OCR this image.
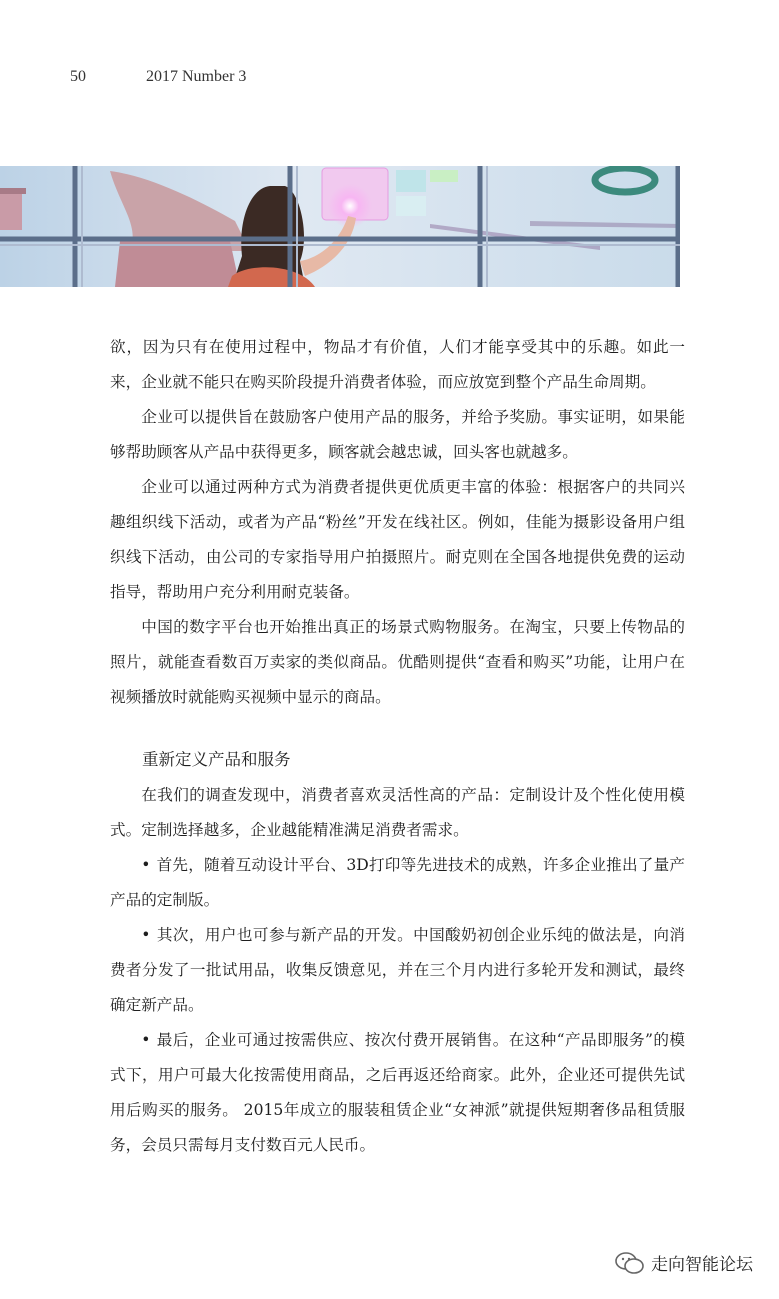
50	2017 Number 3

欲，因为只有在使用过程中，物品才有价值，人们才能享受其中的乐趣。如此一来，企业就不能只在购买阶段提升消费者体验，而应放宽到整个产品生命周期。

企业可以提供旨在鼓励客户使用产品的服务，并给予奖励。事实证明，如果能够帮助顾客从产品中获得更多，顾客就会越忠诚，回头客也就越多。

企业可以通过两种方式为消费者提供更优质更丰富的体验：根据客户的共同兴趣组织线下活动，或者为产品“粉丝”开发在线社区。例如，佳能为摄影设备用户组织线下活动，由公司的专家指导用户拍摄照片。耐克则在全国各地提供免费的运动指导，帮助用户充分利用耐克装备。

中国的数字平台也开始推出真正的场景式购物服务。在淘宝，只要上传物品的照片，就能查看数百万卖家的类似商品。优酷则提供“查看和购买”功能，让用户在视频播放时就能购买视频中显示的商品。

重新定义产品和服务

在我们的调查发现中，消费者喜欢灵活性高的产品：定制设计及个性化使用模式。定制选择越多，企业越能精准满足消费者需求。

• 首先，随着互动设计平台、3D打印等先进技术的成熟，许多企业推出了量产产品的定制版。

• 其次，用户也可参与新产品的开发。中国酸奶初创企业乐纯的做法是，向消费者分发了一批试用品，收集反馈意见，并在三个月内进行多轮开发和测试，最终确定新产品。

• 最后，企业可通过按需供应、按次付费开展销售。在这种“产品即服务”的模式下，用户可最大化按需使用商品，之后再返还给商家。此外，企业还可提供先试用后购买的服务。 2015年成立的服装租赁企业“女神派”就提供短期奢侈品租赁服务，会员只需每月支付数百元人民币。

走向智能论坛
